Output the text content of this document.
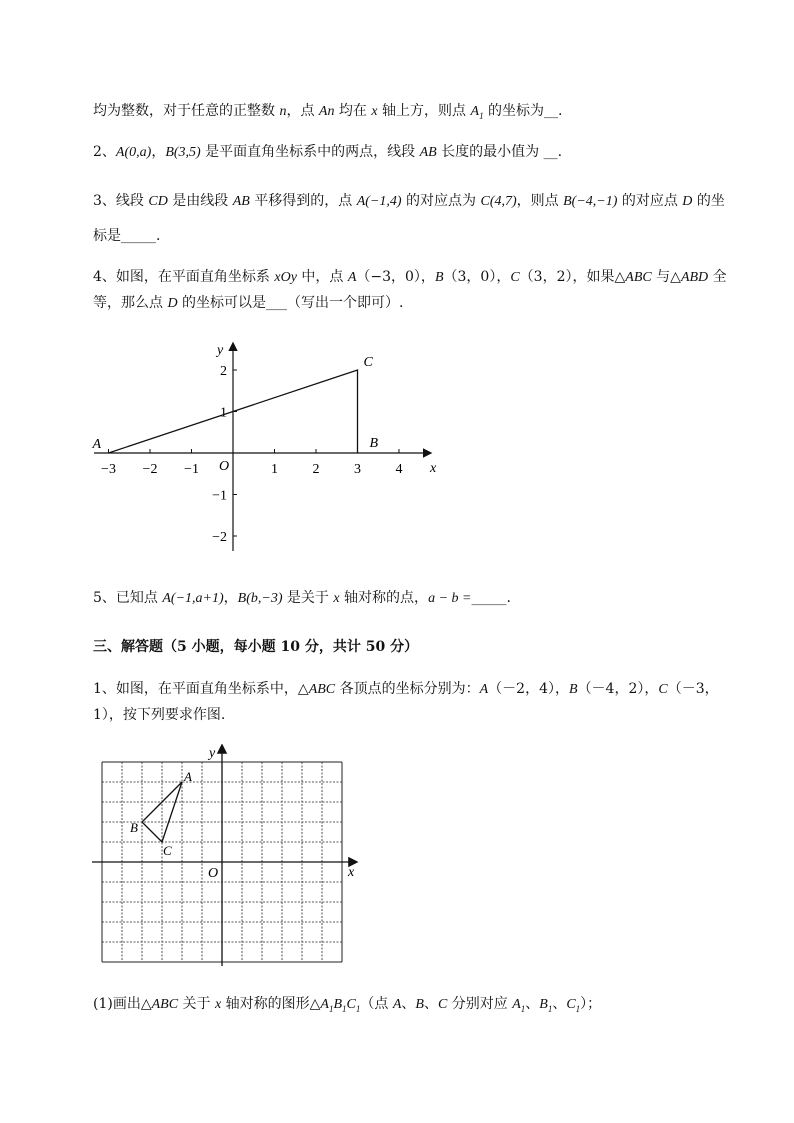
均为整数，对于任意的正整数 n，点 An 均在 x 轴上方，则点 $A_1$ 的坐标为__.
2、A(0,a)，B(3,5) 是平面直角坐标系中的两点，线段 AB 长度的最小值为 __.
3、线段 CD 是由线段 AB 平移得到的，点 A(−1,4) 的对应点为 C(4,7)，则点 B(−4,−1) 的对应点 D 的坐
标是_____.
4、如图，在平面直角坐标系 xOy 中，点 A（−3，0），B（3，0），C（3，2），如果△ABC 与△ABD 全
等，那么点 D 的坐标可以是___（写出一个即可）.
x
y
O
−3 −2 −1	1 2 3 4
2
1
−1
−2
A	B
C
5、已知点 A(−1,a+1)，B(b,−3) 是关于 x 轴对称的点，a − b =_____.
三、解答题（5 小题，每小题 10 分，共计 50 分）
1、如图，在平面直角坐标系中，△ABC 各顶点的坐标分别为：A（－2，4），B（－4，2），C（－3，
1），按下列要求作图.
x
y
O
A
B
C
(1)画出△ABC 关于 x 轴对称的图形$\triangle A_1B_1C_1$（点 A、B、C 分别对应 $A_1$、$B_1$、$C_1$）；
